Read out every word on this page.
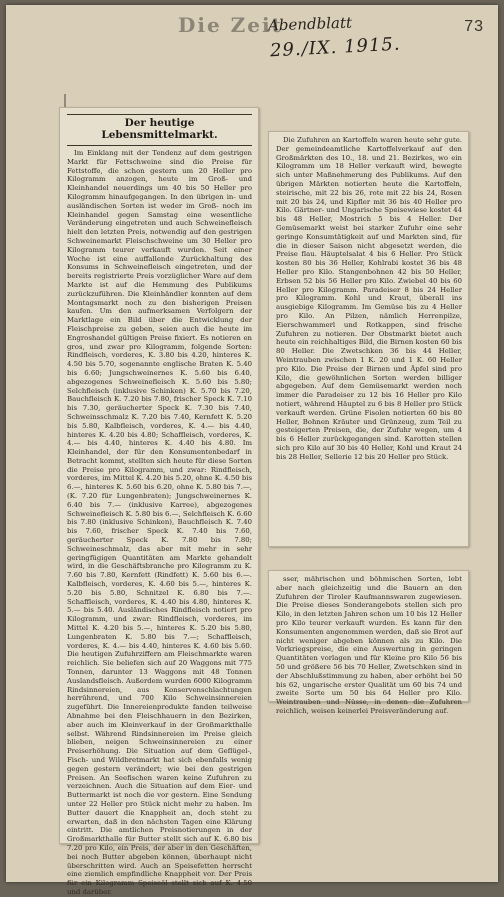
Die Zeit
Abendblatt
29./IX. 1915.
73
Der heutige Lebensmittelmarkt.

Im Einklang mit der Tendenz auf dem gestrigen Markt für Fettschweine sind die Preise für Fettstoffe, die schon gestern um 20 Heller pro Kilogramm anzogen, heute im Groß- und Kleinhandel neuerdings um 40 bis 50 Heller pro Kilogramm hinaufgegangen. In den übrigen in- und ausländischen Sorten ist weder im Groß- noch im Kleinhandel gegen Samstag eine wesentliche Veränderung eingetreten und auch Schweinefleisch hielt den letzten Preis, notwendig auf den gestrigen Schweinemarkt Fleischschweine um 30 Heller pro Kilogramm teurer verkauft wurden. Seit einer Woche ist eine auffallende Zurückhaltung des Konsums in Schweinefleisch eingetreten, und der bereits registrierte Preis vorzüglicher Ware auf dem Markte ist auf die Hemmung des Publikums zurückzuführen. Die Kleinhändler konnten auf dem Montagsmarkt noch zu den bisherigen Preisen kaufen. Um den aufmerksamen Verfolgern der Marktlage ein Bild über die Entwicklung der Fleischpreise zu geben, seien auch die heute im Engroshandel gültigen Preise fixiert. Es notieren en gros, und zwar pro Kilogramm, folgende Sorten: Rindfleisch, vorderes, K. 3.80 bis 4.20, hinteres K. 4.50 bis 5.70, sogenannte englische Braten K. 5.40 bis 6.60; Jungschweinernes K. 5.60 bis 6.40, abgezogenes Schweinefleisch K. 5.60 bis 5.80; Selchfleisch (inklusive Schinken) K. 5.70 bis 7.20, Bauchfleisch K. 7.20 bis 7.80, frischer Speck K. 7.10 bis 7.30, geräucherter Speck K. 7.30 bis 7.40, Schweinsschmalz K. 7.20 bis 7.40, Kernfett K. 5.20 bis 5.80, Kalbfleisch, vorderes, K. 4.— bis 4.40, hinteres K. 4.20 bis 4.80; Schaffleisch, vorderes, K. 4.— bis 4.40, hinteres K. 4.40 bis 4.80. Im Kleinhandel, der für den Konsumentenbedarf in Betracht kommt, stellten sich heute für diese Sorten die Preise pro Kilogramm, und zwar: Rindfleisch, vorderes, im Mittel K. 4.20 bis 5.20, ohne K. 4.50 bis 6.—, hinteres K. 5.60 bis 6.20, ohne K. 5.80 bis 7.—, (K. 7.20 für Lungenbraten); Jungschweinernes K. 6.40 bis 7.— (inklusive Karree), abgezogenes Schweinefleisch K. 5.80 bis 6.—, Selchfleisch K. 6.60 bis 7.80 (inklusive Schinken), Bauchfleisch K. 7.40 bis 7.60, frischer Speck K. 7.40 bis 7.60, geräucherter Speck K. 7.80 bis 7.80; Schweineschmalz, das aber mit mehr in sehr geringfügigen Quantitäten am Markte gehandelt wird, in die Geschäftsbranche pro Kilogramm zu K. 7.60 bis 7.80, Kernfett (Rindfett) K. 5.60 bis 6.—. Kalbfleisch, vorderes, K. 4.60 bis 5.—, hinteres K. 5.20 bis 5.80, Schnitzel K. 6.80 bis 7.—. Schaffleisch, vorderes, K. 4.40 bis 4.80, hinteres K. 5.— bis 5.40. Ausländisches Rindfleisch notiert pro Kilogramm, und zwar: Rindfleisch, vorderes, im Mittel K. 4.20 bis 5.—, hinteres K. 5.20 bis 5.80, Lungenbraten K. 5.80 bis 7.—; Schaffleisch, vorderes, K. 4.— bis 4.40, hinteres K. 4.60 bis 5.60. Die heutigen Zufuhrziffern am Fleischmarkte waren reichlich. Sie beliefen sich auf 20 Waggons mit 775 Tonnen, darunter 13 Waggons mit 48 Tonnen Auslandsfleisch. Außerdem wurden 6000 Kilogramm Rindsinnereien, aus Konservenschlachtungen herrührend, und 700 Kilo Schweinsinnereien zugeführt. Die Innereienprodukte fanden teilweise Abnahme bei den Fleischhauern in den Bezirken, aber auch im Kleinverkauf in der Großmarkthalle selbst. Während Rindsinnereien im Preise gleich blieben, neigen Schweinsinnereien zu einer Preiserhöhung. Die Situation auf dem Geflügel-, Fisch- und Wildbretmarkt hat sich ebenfalls wenig gegen gestern verändert; wie bei den gestrigen Preisen. An Seefischen waren keine Zufuhren zu verzeichnen. Auch die Situation auf dem Eier- und Buttermarkt ist noch die vor gestern. Eine Sendung unter 22 Heller pro Stück nicht mehr zu haben. Im Butter dauert die Knappheit an, doch steht zu erwarten, daß in den nächsten Tagen eine Klärung eintritt. Die amtlichen Preisnotierungen in der Großmarkthalle für Butter stellt sich auf K. 6.80 bis 7.20 pro Kilo, ein Preis, der aber in den Geschäften, bei noch Butter abgeben können, überhaupt nicht überschritten wird. Auch an Speisefetten herrscht eine ziemlich empfindliche Knappheit vor. Der Preis für ein Kilogramm Speiseöl stellt sich auf K. 4.50 und darüber.

Die Zufuhren an Kartoffeln waren heute sehr gute. Der gemeindeamtliche Kartoffelverkauf auf den Großmärkten des 10., 18. und 21. Bezirkes, wo ein Kilogramm um 18 Heller verkauft wird, bewegte sich unter Maßnehmerung des Publikums. Auf den übrigen Märkten notierten heute die Kartoffeln, steirische, mit 22 bis 26, rote mit 22 bis 24, Rosen mit 20 bis 24, und Kipfler mit 36 bis 40 Heller pro Kilo. Gärtner- und Ungarische Speisewiese kostet 44 bis 48 Heller, Mostrich 5 bis 4 Heller. Der Gemüsemarkt weist bei starker Zufuhr eine sehr geringe Konsumtätigkeit auf und Markten sind, für die in dieser Saison nicht abgesetzt werden, die Preise flau. Häuptelsalat 4 bis 6 Heller. Pro Stück kosten 80 bis 36 Heller, Kohlrabi kostet 36 bis 48 Heller pro Kilo. Stangenbohnen 42 bis 50 Heller, Erbsen 52 bis 56 Heller pro Kilo. Zwiebel 40 bis 60 Heller pro Kilogramm. Paradeiser 8 bis 24 Heller pro Kilogramm. Kohl und Kraut, überall ins ausgiebige Kilogramm. Im Gemüse bis zu 4 Heller pro Kilo. An Pilzen, nämlich Herrenpilze, Eierschwammerl und Rotkappen, sind frische Zufuhren zu notieren. Der Obstmarkt bietet auch heute ein reichhaltiges Bild, die Birnen kosten 60 bis 80 Heller. Die Zwetschken 36 bis 44 Heller, Weintrauben zwischen 1 K. 20 und 1 K. 60 Heller pro Kilo. Die Preise der Birnen und Äpfel sind pro Kilo, die gewöhnlichen Sorten werden billiger abgegeben. Auf dem Gemüsemarkt werden noch immer die Paradeiser zu 12 bis 16 Heller pro Kilo notiert, während Häuptel zu 6 bis 8 Heller pro Stück verkauft werden. Grüne Fisolen notierten 60 bis 80 Heller, Bohnen Kräuter und Grünzeug, zum Teil zu gesteigerten Preisen, die, der Zufuhr wegen, um 4 bis 6 Heller zurückgegangen sind. Karotten stellen sich pro Kilo auf 30 bis 40 Heller, Kohl und Kraut 24 bis 28 Heller, Sellerie 12 bis 20 Heller pro Stück.

sser, mährischen und böhmischen Sorten, lebt aber nach gleichzeitig und die Bauern an den Zufuhren der Tiroler Kaufmannswaren zugewiesen. Die Preise dieses Sonderangebots stellen sich pro Kilo, in den letzten Jahren schon um 10 bis 12 Heller pro Kilo teurer verkauft wurden. Es kann für den Konsumenten angenommen werden, daß sie Brot auf nicht weniger abgeben können als zu Kilo. Die Vorkriegspreise, die eine Auswertung in geringen Quantitäten vorlagen und für Kleine pro Kilo 56 bis 50 und größere 56 bis 70 Heller, Zwetschken sind in der Abschlußstimmung zu haben, aber erhöht bei 50 bis 62, ungarische erster Qualität um 60 bis 74 und zweite Sorte um 50 bis 64 Heller pro Kilo. Weintrauben und Nüsse, in denen die Zufuhren reichlich, weisen keinerlei Preisveränderung auf.
